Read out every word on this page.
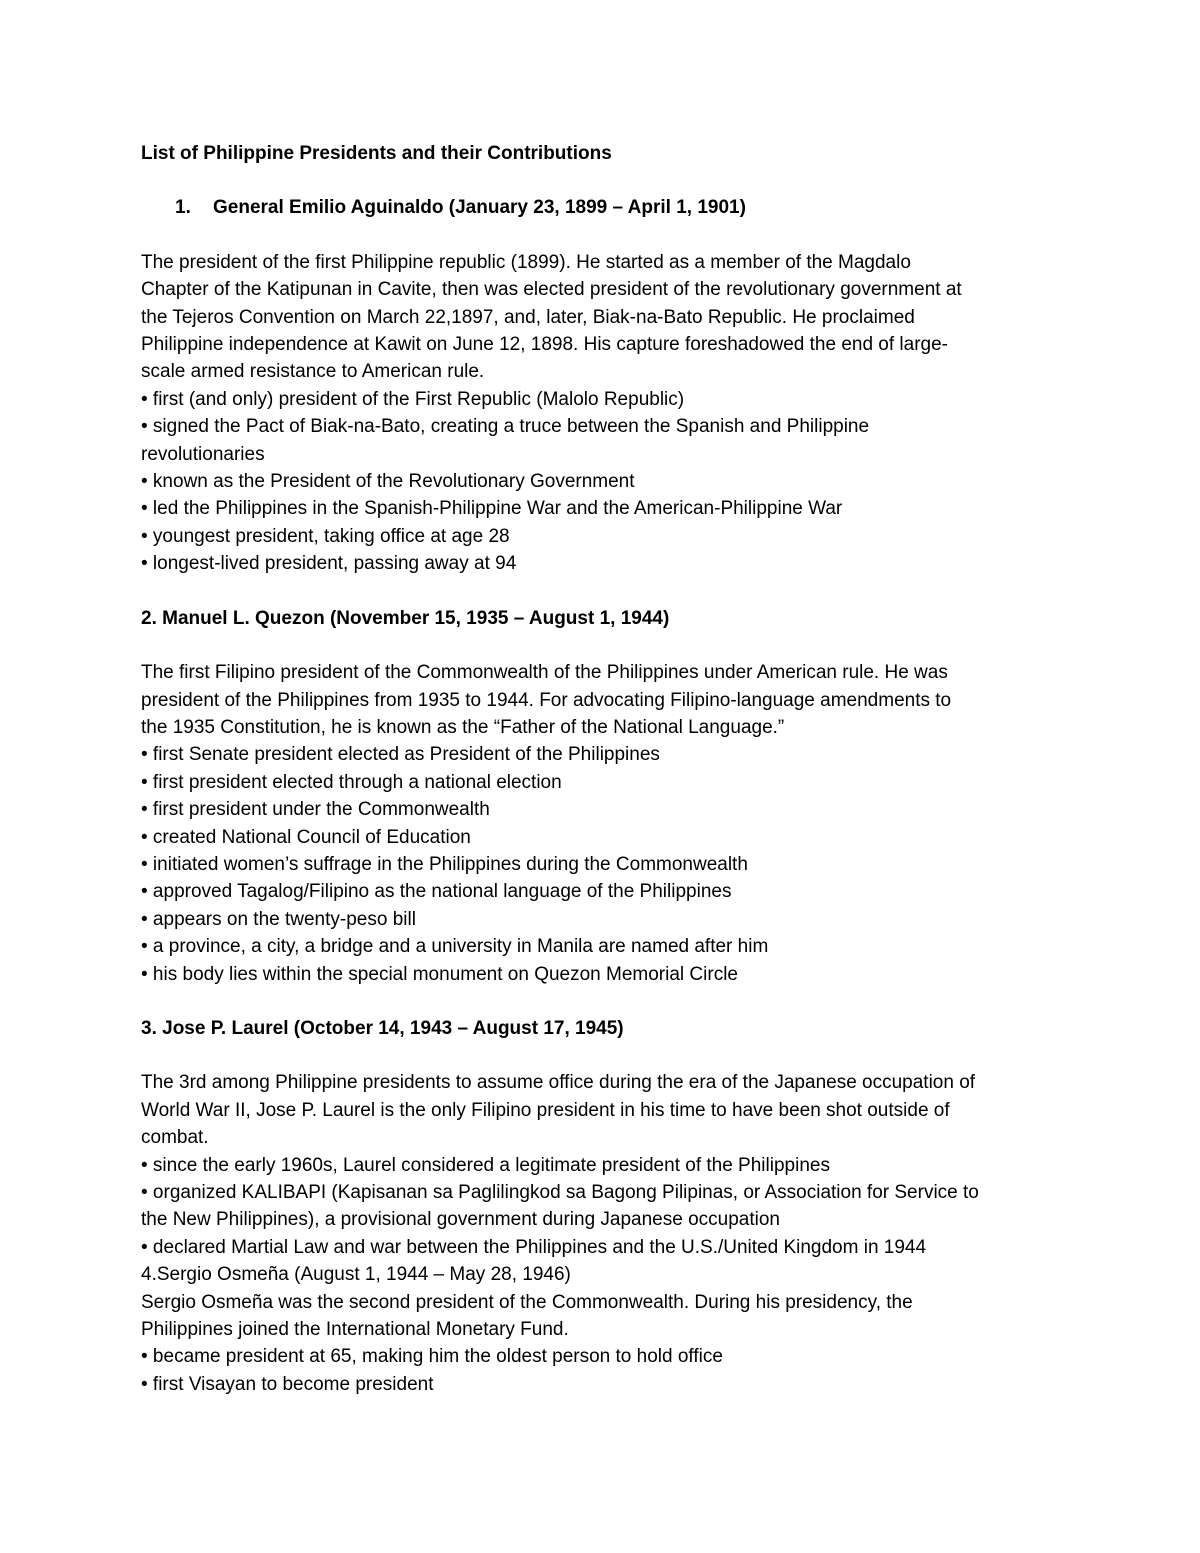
List of Philippine Presidents and their Contributions
1. General Emilio Aguinaldo (January 23, 1899 – April 1, 1901)
The president of the first Philippine republic (1899). He started as a member of the Magdalo
Chapter of the Katipunan in Cavite, then was elected president of the revolutionary government at
the Tejeros Convention on March 22,1897, and, later, Biak-na-Bato Republic. He proclaimed
Philippine independence at Kawit on June 12, 1898. His capture foreshadowed the end of large-
scale armed resistance to American rule.
• first (and only) president of the First Republic (Malolo Republic)
• signed the Pact of Biak-na-Bato, creating a truce between the Spanish and Philippine
revolutionaries
• known as the President of the Revolutionary Government
• led the Philippines in the Spanish-Philippine War and the American-Philippine War
• youngest president, taking office at age 28
• longest-lived president, passing away at 94
2. Manuel L. Quezon (November 15, 1935 – August 1, 1944)
The first Filipino president of the Commonwealth of the Philippines under American rule. He was
president of the Philippines from 1935 to 1944. For advocating Filipino-language amendments to
the 1935 Constitution, he is known as the “Father of the National Language.”
• first Senate president elected as President of the Philippines
• first president elected through a national election
• first president under the Commonwealth
• created National Council of Education
• initiated women’s suffrage in the Philippines during the Commonwealth
• approved Tagalog/Filipino as the national language of the Philippines
• appears on the twenty-peso bill
• a province, a city, a bridge and a university in Manila are named after him
• his body lies within the special monument on Quezon Memorial Circle
3. Jose P. Laurel (October 14, 1943 – August 17, 1945)
The 3rd among Philippine presidents to assume office during the era of the Japanese occupation of
World War II, Jose P. Laurel is the only Filipino president in his time to have been shot outside of
combat.
• since the early 1960s, Laurel considered a legitimate president of the Philippines
• organized KALIBAPI (Kapisanan sa Paglilingkod sa Bagong Pilipinas, or Association for Service to
the New Philippines), a provisional government during Japanese occupation
• declared Martial Law and war between the Philippines and the U.S./United Kingdom in 1944
4.Sergio Osmeña (August 1, 1944 – May 28, 1946)
Sergio Osmeña was the second president of the Commonwealth. During his presidency, the
Philippines joined the International Monetary Fund.
• became president at 65, making him the oldest person to hold office
• first Visayan to become president
